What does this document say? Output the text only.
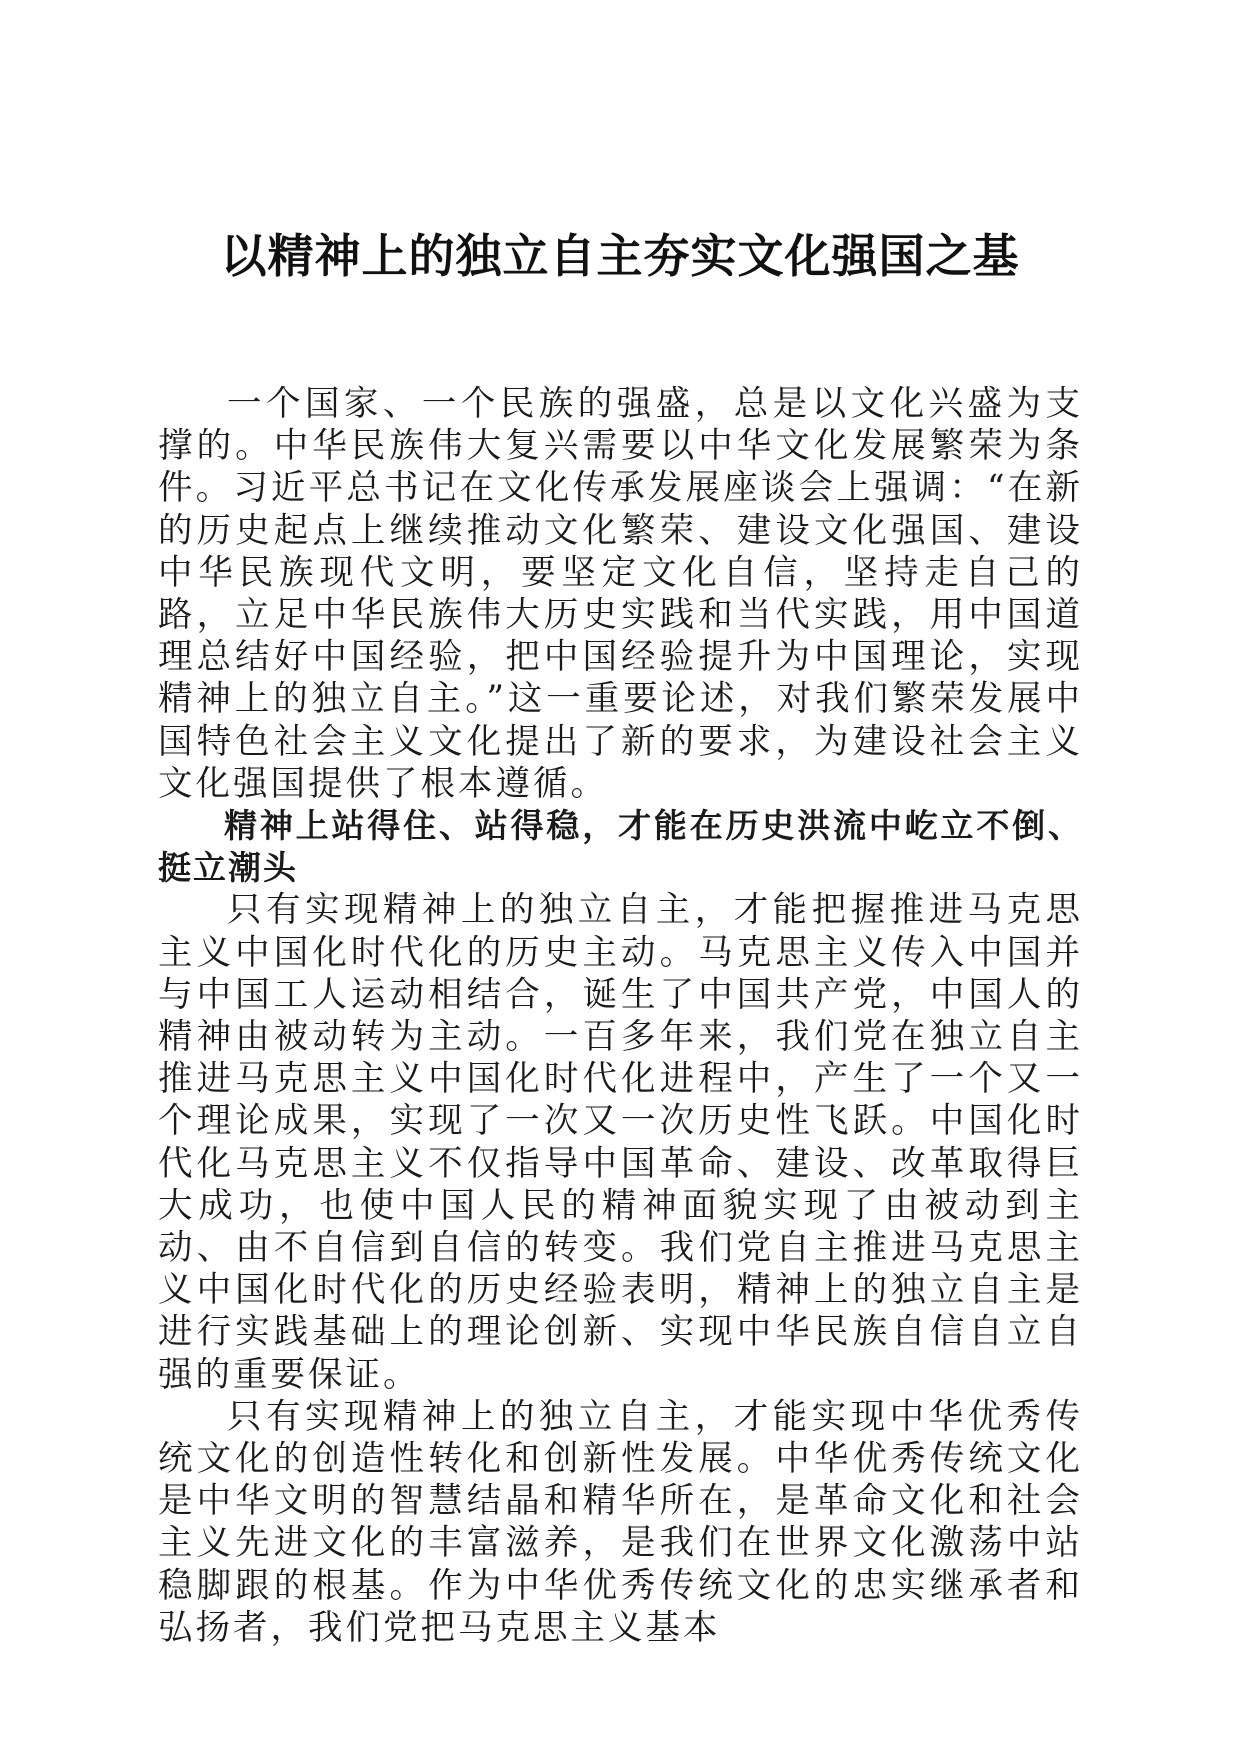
以精神上的独立自主夯实文化强国之基

一个国家、一个民族的强盛，总是以文化兴盛为支撑的。中华民族伟大复兴需要以中华文化发展繁荣为条件。习近平总书记在文化传承发展座谈会上强调：“在新的历史起点上继续推动文化繁荣、建设文化强国、建设中华民族现代文明，要坚定文化自信，坚持走自己的路，立足中华民族伟大历史实践和当代实践，用中国道理总结好中国经验，把中国经验提升为中国理论，实现精神上的独立自主。”这一重要论述，对我们繁荣发展中国特色社会主义文化提出了新的要求，为建设社会主义文化强国提供了根本遵循。

精神上站得住、站得稳，才能在历史洪流中屹立不倒、挺立潮头

只有实现精神上的独立自主，才能把握推进马克思主义中国化时代化的历史主动。马克思主义传入中国并与中国工人运动相结合，诞生了中国共产党，中国人的精神由被动转为主动。一百多年来，我们党在独立自主推进马克思主义中国化时代化进程中，产生了一个又一个理论成果，实现了一次又一次历史性飞跃。中国化时代化马克思主义不仅指导中国革命、建设、改革取得巨大成功，也使中国人民的精神面貌实现了由被动到主动、由不自信到自信的转变。我们党自主推进马克思主义中国化时代化的历史经验表明，精神上的独立自主是进行实践基础上的理论创新、实现中华民族自信自立自强的重要保证。

只有实现精神上的独立自主，才能实现中华优秀传统文化的创造性转化和创新性发展。中华优秀传统文化是中华文明的智慧结晶和精华所在，是革命文化和社会主义先进文化的丰富滋养，是我们在世界文化激荡中站稳脚跟的根基。作为中华优秀传统文化的忠实继承者和弘扬者，我们党把马克思主义基本
